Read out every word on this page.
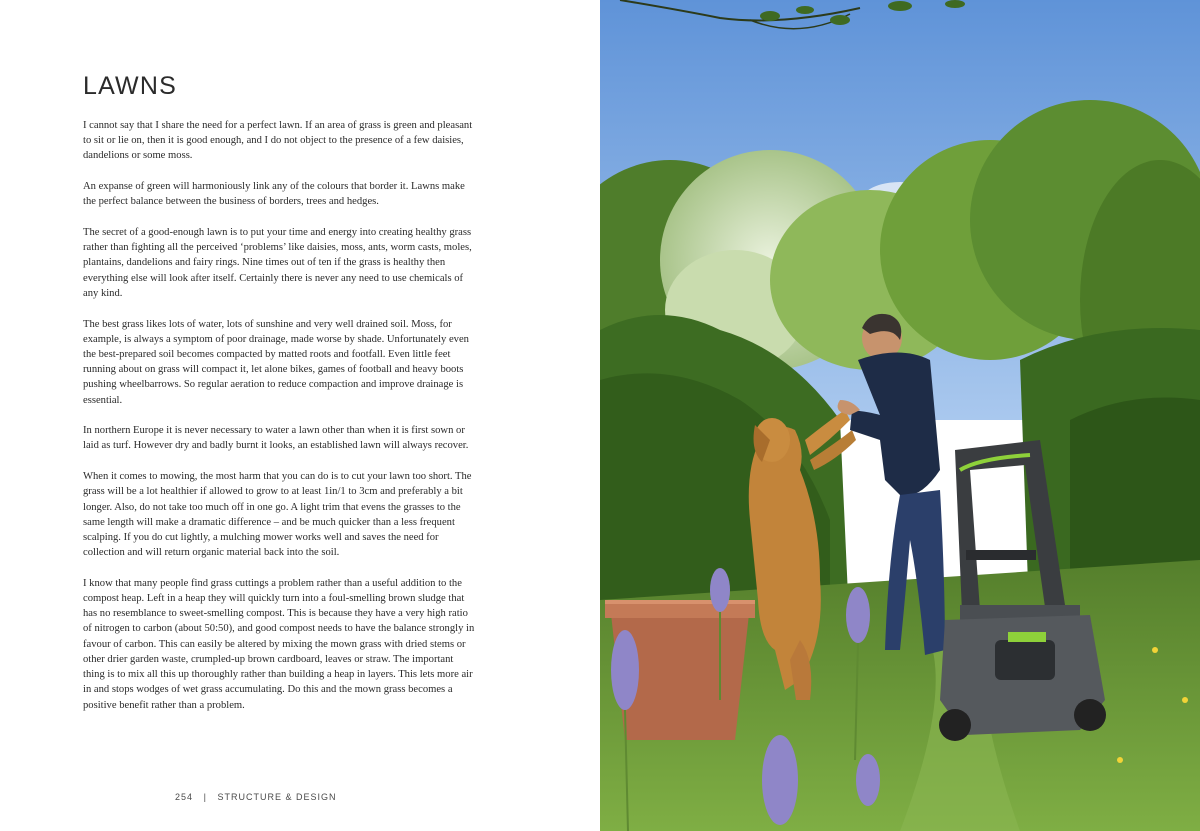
LAWNS

I cannot say that I share the need for a perfect lawn. If an area of grass is green and pleasant to sit or lie on, then it is good enough, and I do not object to the presence of a few daisies, dandelions or some moss.

An expanse of green will harmoniously link any of the colours that border it. Lawns make the perfect balance between the business of borders, trees and hedges.

The secret of a good-enough lawn is to put your time and energy into creating healthy grass rather than fighting all the perceived ‘problems’ like daisies, moss, ants, worm casts, moles, plantains, dandelions and fairy rings. Nine times out of ten if the grass is healthy then everything else will look after itself. Certainly there is never any need to use chemicals of any kind.

The best grass likes lots of water, lots of sunshine and very well drained soil. Moss, for example, is always a symptom of poor drainage, made worse by shade. Unfortunately even the best-prepared soil becomes compacted by matted roots and footfall. Even little feet running about on grass will compact it, let alone bikes, games of football and heavy boots pushing wheelbarrows. So regular aeration to reduce compaction and improve drainage is essential.

In northern Europe it is never necessary to water a lawn other than when it is first sown or laid as turf. However dry and badly burnt it looks, an established lawn will always recover.

When it comes to mowing, the most harm that you can do is to cut your lawn too short. The grass will be a lot healthier if allowed to grow to at least 1in/1 to 3cm and preferably a bit longer. Also, do not take too much off in one go. A light trim that evens the grasses to the same length will make a dramatic difference – and be much quicker than a less frequent scalping. If you do cut lightly, a mulching mower works well and saves the need for collection and will return organic material back into the soil.

I know that many people find grass cuttings a problem rather than a useful addition to the compost heap. Left in a heap they will quickly turn into a foul-smelling brown sludge that has no resemblance to sweet-smelling compost. This is because they have a very high ratio of nitrogen to carbon (about 50:50), and good compost needs to have the balance strongly in favour of carbon. This can easily be altered by mixing the mown grass with dried stems or other drier garden waste, crumpled-up brown cardboard, leaves or straw. The important thing is to mix all this up thoroughly rather than building a heap in layers. This lets more air in and stops wodges of wet grass accumulating. Do this and the mown grass becomes a positive benefit rather than a problem.

254 | STRUCTURE & DESIGN
